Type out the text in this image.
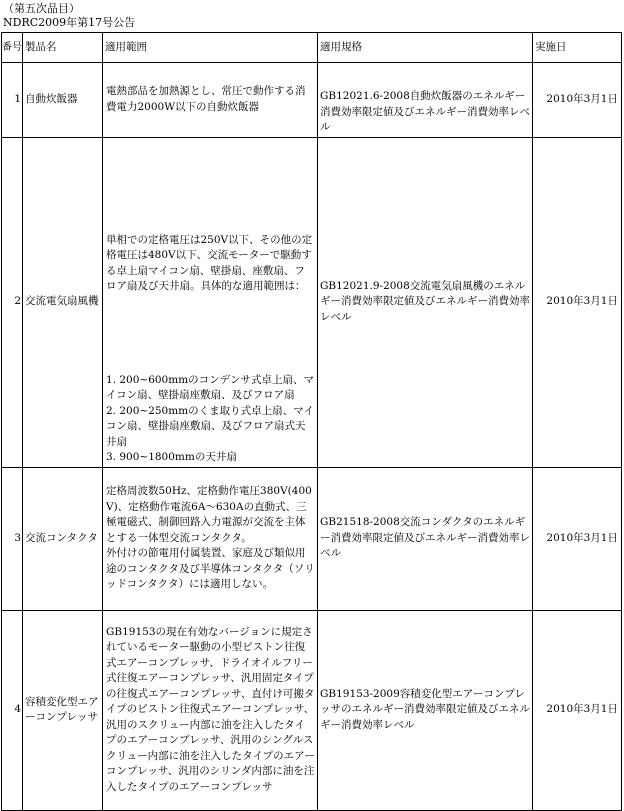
（第五次品目）
NDRC2009年第17号公告
番号	製品名	適用範囲	適用規格	実施日
1	自動炊飯器	電熱部品を加熱源とし、常圧で動作する消費電力2000W以下の自動炊飯器	GB12021.6-2008自動炊飯器のエネルギー消費効率限定値及びエネルギー消費効率レベル	2010年3月1日
2	交流電気扇風機	単相での定格電圧は250V以下、その他の定格電圧は480V以下、交流モーターで駆動する卓上扇マイコン扇、壁掛扇、座敷扇、フロア扇及び天井扇。具体的な適用範囲は：

1. 200~600mmのコンデンサ式卓上扇、マイコン扇、壁掛扇座敷扇、及びフロア扇

2. 200~250mmのくま取り式卓上扇、マイコン扇、壁掛扇座敷扇、及びフロア扇式天井扇

3. 900~1800mmの天井扇	GB12021.9-2008交流電気扇風機のエネルギー消費効率限定値及びエネルギー消費効率レベル	2010年3月1日
3	交流コンタクタ	定格周波数50Hz、定格動作電圧380V(400V)、定格動作電流6A～630Aの直動式、三極電磁式、制御回路入力電源が交流を主体とする一体型交流コンタクタ。

外付けの節電用付属装置、家庭及び類似用途のコンタクタ及び半導体コンタクタ（ソリッドコンタクタ）には適用しない。	GB21518-2008交流コンダクタのエネルギー消費効率限定値及びエネルギー消費効率レベル	2010年3月1日
4	容積変化型エアーコンプレッサ	GB19153の現在有効なバージョンに規定されているモーター駆動の小型ピストン往復式エアーコンプレッサ、ドライオイルフリー式往復エアーコンプレッサ、汎用固定タイプの往復式エアーコンプレッサ、直付け可搬タイプのピストン往復式エアーコンプレッサ、汎用のスクリュー内部に油を注入したタイプのエアーコンプレッサ、汎用のシングルスクリュー内部に油を注入したタイプのエアーコンプレッサ、汎用のシリンダ内部に油を注入したタイプのエアーコンプレッサ	GB19153-2009容積変化型エアーコンプレッサのエネルギー消費効率限定値及びエネルギー消費効率レベル	2010年3月1日
